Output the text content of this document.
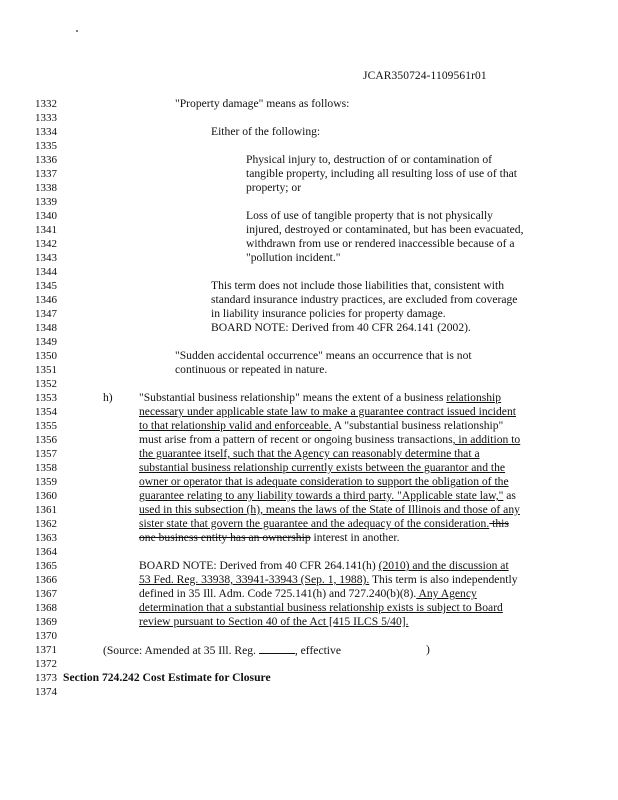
JCAR350724-1109561r01
1332
1333
1334
1335
1336
1337
1338
1339
1340
1341
1342
1343
1344
1345
1346
1347
1348
1349
1350
1351
1352
1353
1354
1355
1356
1357
1358
1359
1360
1361
1362
1363
1364
1365
1366
1367
1368
1369
1370
1371
1372
1373
1374
"Property damage" means as follows:
Either of the following:
Physical injury to, destruction of or contamination of
tangible property, including all resulting loss of use of that
property; or
Loss of use of tangible property that is not physically
injured, destroyed or contaminated, but has been evacuated,
withdrawn from use or rendered inaccessible because of a
"pollution incident."
This term does not include those liabilities that, consistent with
standard insurance industry practices, are excluded from coverage
in liability insurance policies for property damage.
BOARD NOTE: Derived from 40 CFR 264.141 (2002).
"Sudden accidental occurrence" means an occurrence that is not
continuous or repeated in nature.
h) "Substantial business relationship" means the extent of a business relationship
necessary under applicable state law to make a guarantee contract issued incident
to that relationship valid and enforceable. A "substantial business relationship"
must arise from a pattern of recent or ongoing business transactions, in addition to
the guarantee itself, such that the Agency can reasonably determine that a
substantial business relationship currently exists between the guarantor and the
owner or operator that is adequate consideration to support the obligation of the
guarantee relating to any liability towards a third party. "Applicable state law," as
used in this subsection (h), means the laws of the State of Illinois and those of any
sister state that govern the guarantee and the adequacy of the consideration. this
one business entity has an ownership interest in another.
BOARD NOTE: Derived from 40 CFR 264.141(h) (2010) and the discussion at
53 Fed. Reg. 33938, 33941-33943 (Sep. 1, 1988). This term is also independently
defined in 35 Ill. Adm. Code 725.141(h) and 727.240(b)(8). Any Agency
determination that a substantial business relationship exists is subject to Board
review pursuant to Section 40 of the Act [415 ILCS 5/40].
(Source: Amended at 35 Ill. Reg.	, effective	)
Section 724.242 Cost Estimate for Closure
